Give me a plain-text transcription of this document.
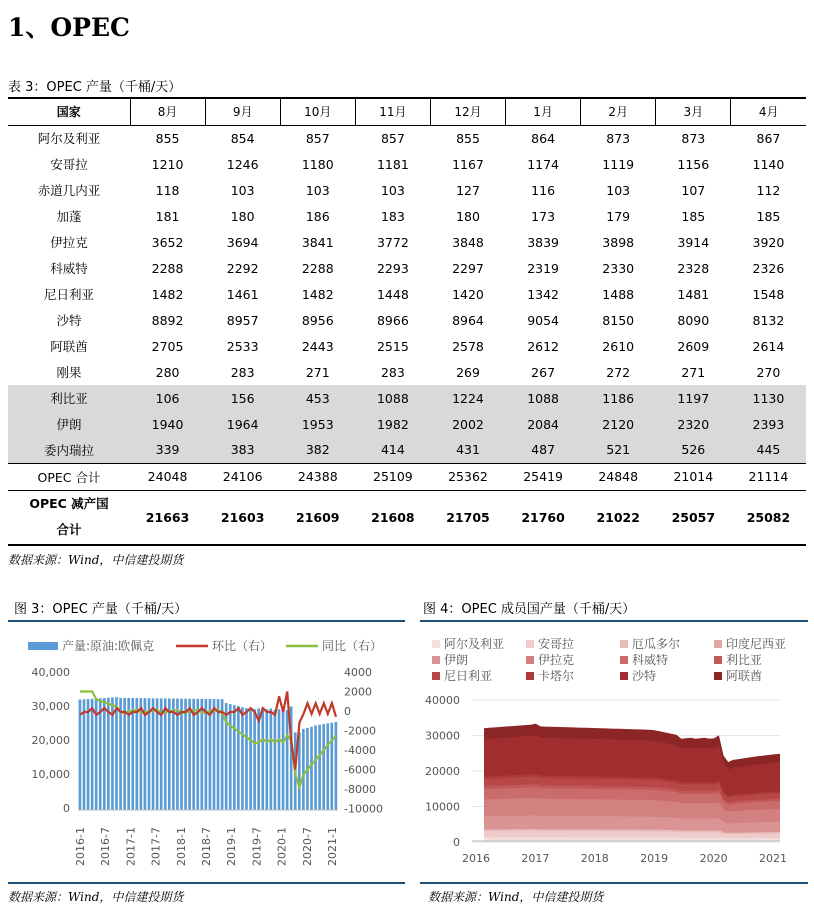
1、OPEC
表 3：OPEC 产量（千桶/天）
国家	8月	9月	10月	11月	12月	1月	2月	3月	4月
阿尔及利亚	855	854	857	857	855	864	873	873	867
安哥拉	1210	1246	1180	1181	1167	1174	1119	1156	1140
赤道几内亚	118	103	103	103	127	116	103	107	112
加蓬	181	180	186	183	180	173	179	185	185
伊拉克	3652	3694	3841	3772	3848	3839	3898	3914	3920
科威特	2288	2292	2288	2293	2297	2319	2330	2328	2326
尼日利亚	1482	1461	1482	1448	1420	1342	1488	1481	1548
沙特	8892	8957	8956	8966	8964	9054	8150	8090	8132
阿联酋	2705	2533	2443	2515	2578	2612	2610	2609	2614
刚果	280	283	271	283	269	267	272	271	270
利比亚	106	156	453	1088	1224	1088	1186	1197	1130
伊朗	1940	1964	1953	1982	2002	2084	2120	2320	2393
委内瑞拉	339	383	382	414	431	487	521	526	445
OPEC 合计	24048	24106	24388	25109	25362	25419	24848	21014	21114

OPEC 减产国
合计	21663	21603	21609	21608	21705	21760	21022	25057	25082
数据来源：Wind，中信建投期货
图 3：OPEC 产量（千桶/天）	图 4：OPEC 成员国产量（千桶/天）
产量:原油:欧佩克	环比（右）	同比（右）
40,000
30,000
20,000
10,000
0
4000
2000
0
-2000
-4000
-6000
-8000
-10000
2016-1 2016-7 2017-1 2017-7 2018-1 2018-7 2019-1 2019-7 2020-1 2020-7 2021-1
阿尔及利亚	安哥拉	厄瓜多尔	印度尼西亚
伊朗	伊拉克	科威特	利比亚
尼日利亚	卡塔尔	沙特	阿联酋
40000
30000
20000
10000
0
2016	2017	2018	2019	2020	2021
数据来源：Wind，中信建投期货	数据来源：Wind，中信建投期货
